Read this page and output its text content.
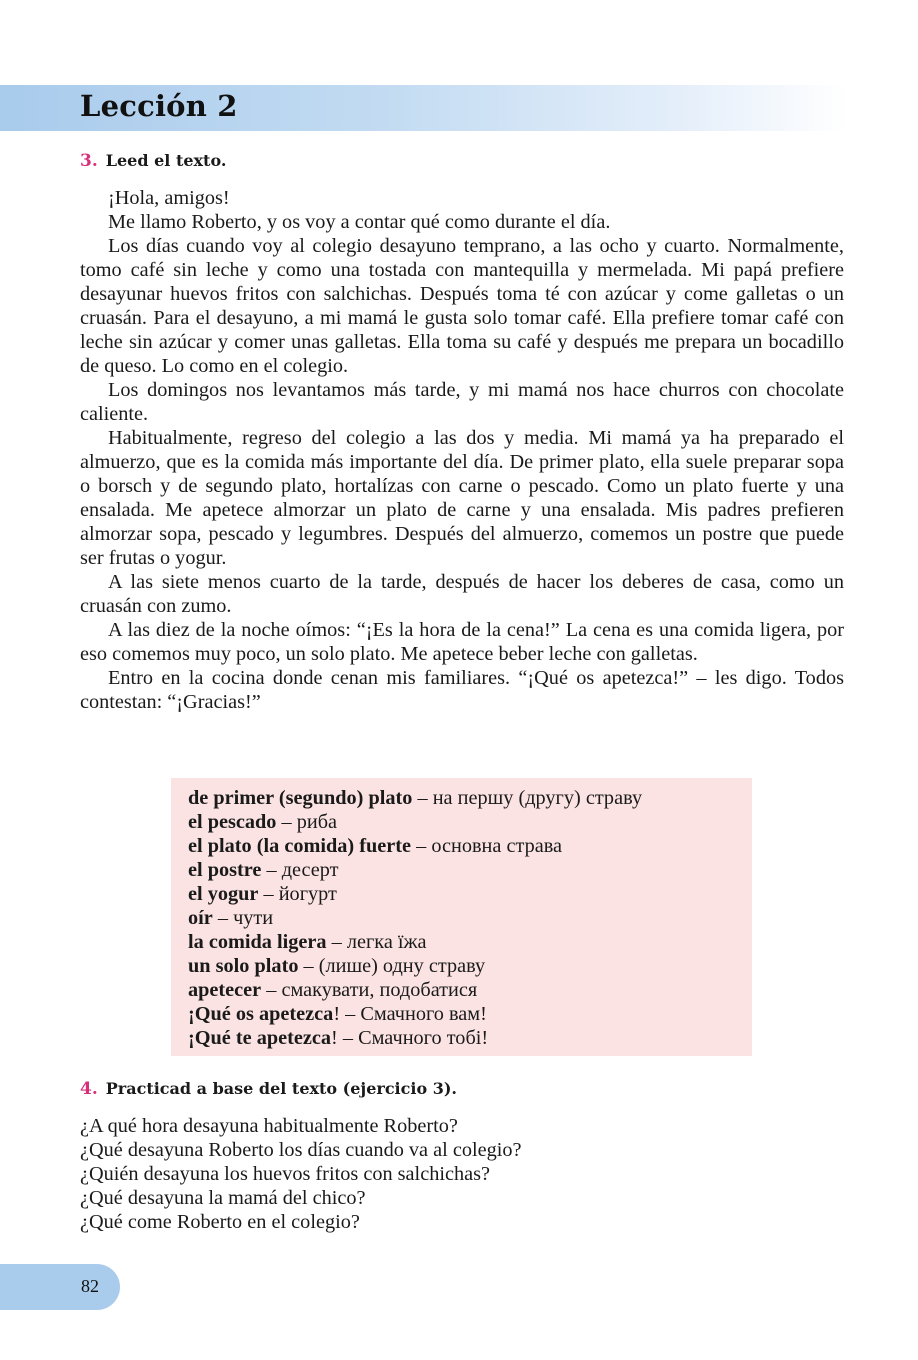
Lección 2
3. Leed el texto.

¡Hola, amigos!

Me llamo Roberto, y os voy a contar qué como durante el día.

Los días cuando voy al colegio desayuno temprano, a las ocho y cuarto. Normalmente, tomo café sin leche y como una tostada con mantequilla y mermelada. Mi papá prefiere desayunar huevos fritos con salchichas. Después toma té con azúcar y come galletas o un cruasán. Para el desayuno, a mi mamá le gusta solo tomar café. Ella prefiere tomar café con leche sin azúcar y comer unas galletas. Ella toma su café y después me prepara un bocadillo de queso. Lo como en el colegio.

Los domingos nos levantamos más tarde, y mi mamá nos hace churros con chocolate caliente.

Habitualmente, regreso del colegio a las dos y media. Mi mamá ya ha preparado el almuerzo, que es la comida más importante del día. De primer plato, ella suele preparar sopa o borsch y de segundo plato, hortalízas con carne o pescado. Como un plato fuerte y una ensalada. Me apetece almorzar un plato de carne y una ensalada. Mis padres prefieren almorzar sopa, pescado y legumbres. Después del almuerzo, comemos un postre que puede ser frutas o yogur.

A las siete menos cuarto de la tarde, después de hacer los deberes de casa, como un cruasán con zumo.

A las diez de la noche oímos: “¡Es la hora de la cena!” La cena es una comida ligera, por eso comemos muy poco, un solo plato. Me apetece beber leche con galletas.

Entro en la cocina donde cenan mis familiares. “¡Qué os apetezca!” – les digo. Todos contestan: “¡Gracias!”

de primer (segundo) plato – на першу (другу) страву
el pescado – риба
el plato (la comida) fuerte – основна страва
el postre – десерт
el yogur – йогурт
oír – чути
la comida ligera – легка їжа
un solo plato – (лише) одну страву
apetecer – смакувати, подобатися
¡Qué os apetezca! – Смачного вам!
¡Qué te apetezca! – Смачного тобі!
4. Practicad a base del texto (ejercicio 3).
¿A qué hora desayuna habitualmente Roberto?
¿Qué desayuna Roberto los días cuando va al colegio?
¿Quién desayuna los huevos fritos con salchichas?
¿Qué desayuna la mamá del chico?
¿Qué come Roberto en el colegio?
82
